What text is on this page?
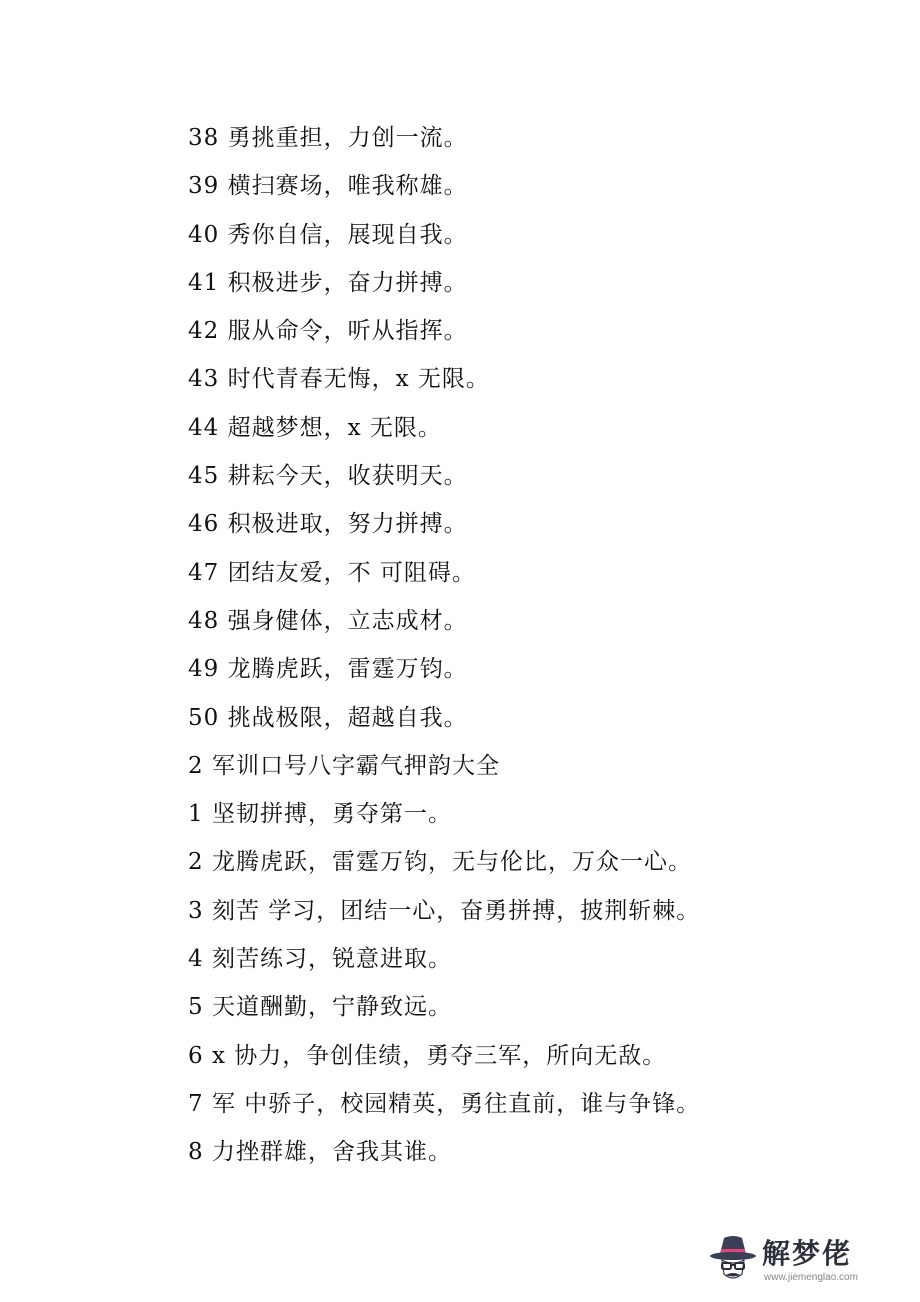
38 勇挑重担，力创一流。
39 横扫赛场，唯我称雄。
40 秀你自信，展现自我。
41 积极进步，奋力拼搏。
42 服从命令，听从指挥。
43 时代青春无悔，x 无限。
44 超越梦想，x 无限。
45 耕耘今天，收获明天。
46 积极进取，努力拼搏。
47 团结友爱，不 可阻碍。
48 强身健体，立志成材。
49 龙腾虎跃，雷霆万钧。
50 挑战极限，超越自我。
2 军训口号八字霸气押韵大全
1 坚韧拼搏，勇夺第一。
2 龙腾虎跃，雷霆万钧，无与伦比，万众一心。
3 刻苦 学习，团结一心，奋勇拼搏，披荆斩棘。
4 刻苦练习，锐意进取。
5 天道酬勤，宁静致远。
6 x 协力，争创佳绩，勇夺三军，所向无敌。
7 军 中骄子，校园精英，勇往直前，谁与争锋。
8 力挫群雄，舍我其谁。
解梦佬
www.jiemenglao.com
